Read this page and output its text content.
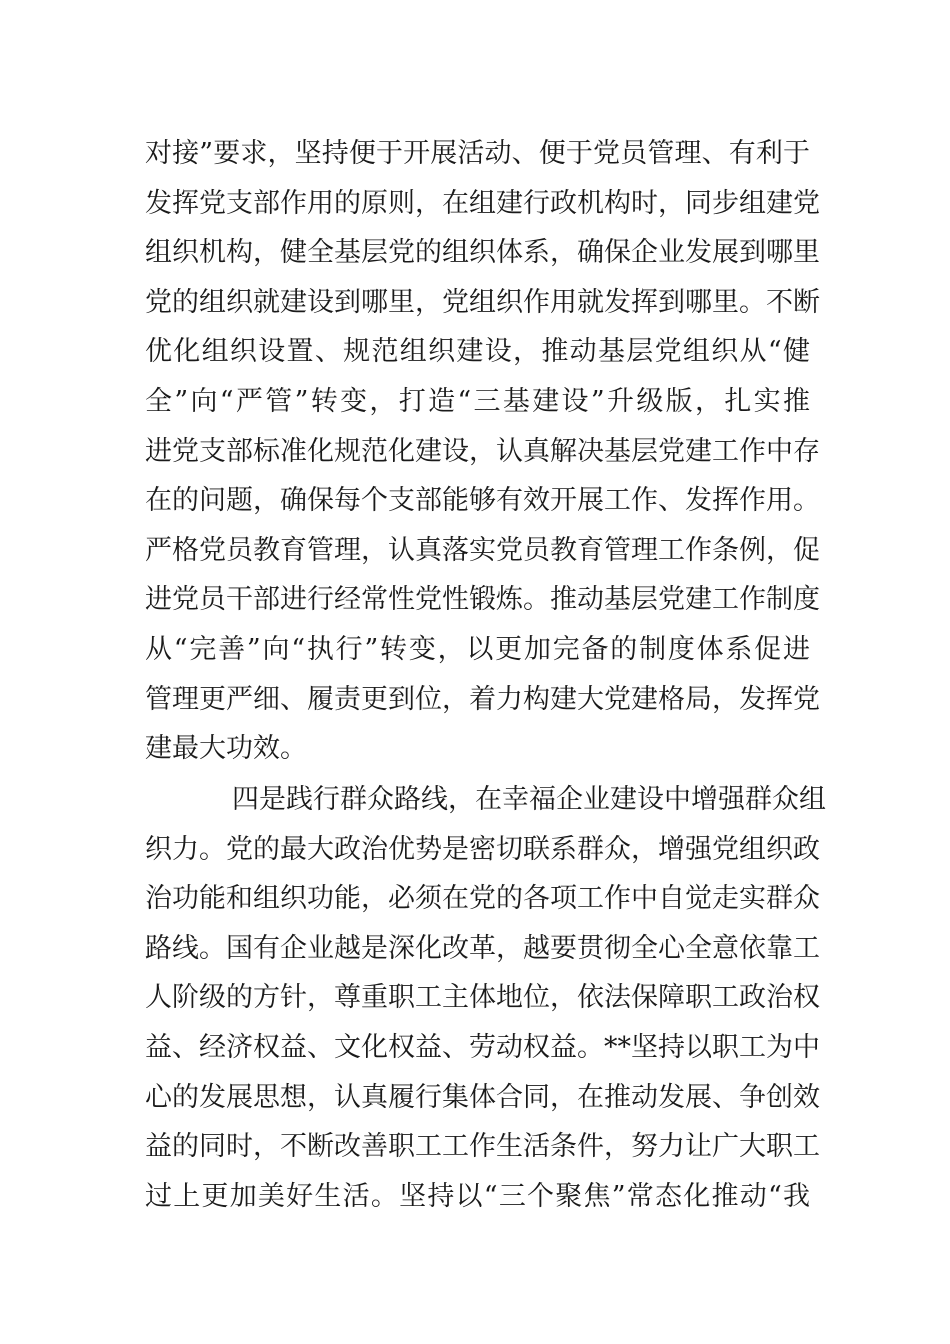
对接”要求，坚持便于开展活动、便于党员管理、有利于
发挥党支部作用的原则，在组建行政机构时，同步组建党
组织机构，健全基层党的组织体系，确保企业发展到哪里
党的组织就建设到哪里，党组织作用就发挥到哪里。不断
优化组织设置、规范组织建设，推动基层党组织从“健
全”向“严管”转变，打造“三基建设”升级版，扎实推
进党支部标准化规范化建设，认真解决基层党建工作中存
在的问题，确保每个支部能够有效开展工作、发挥作用。
严格党员教育管理，认真落实党员教育管理工作条例，促
进党员干部进行经常性党性锻炼。推动基层党建工作制度
从“完善”向“执行”转变，以更加完备的制度体系促进
管理更严细、履责更到位，着力构建大党建格局，发挥党
建最大功效。
四是践行群众路线，在幸福企业建设中增强群众组
织力。党的最大政治优势是密切联系群众，增强党组织政
治功能和组织功能，必须在党的各项工作中自觉走实群众
路线。国有企业越是深化改革，越要贯彻全心全意依靠工
人阶级的方针，尊重职工主体地位，依法保障职工政治权
益、经济权益、文化权益、劳动权益。**坚持以职工为中
心的发展思想，认真履行集体合同，在推动发展、争创效
益的同时，不断改善职工工作生活条件，努力让广大职工
过上更加美好生活。坚持以“三个聚焦”常态化推动“我
